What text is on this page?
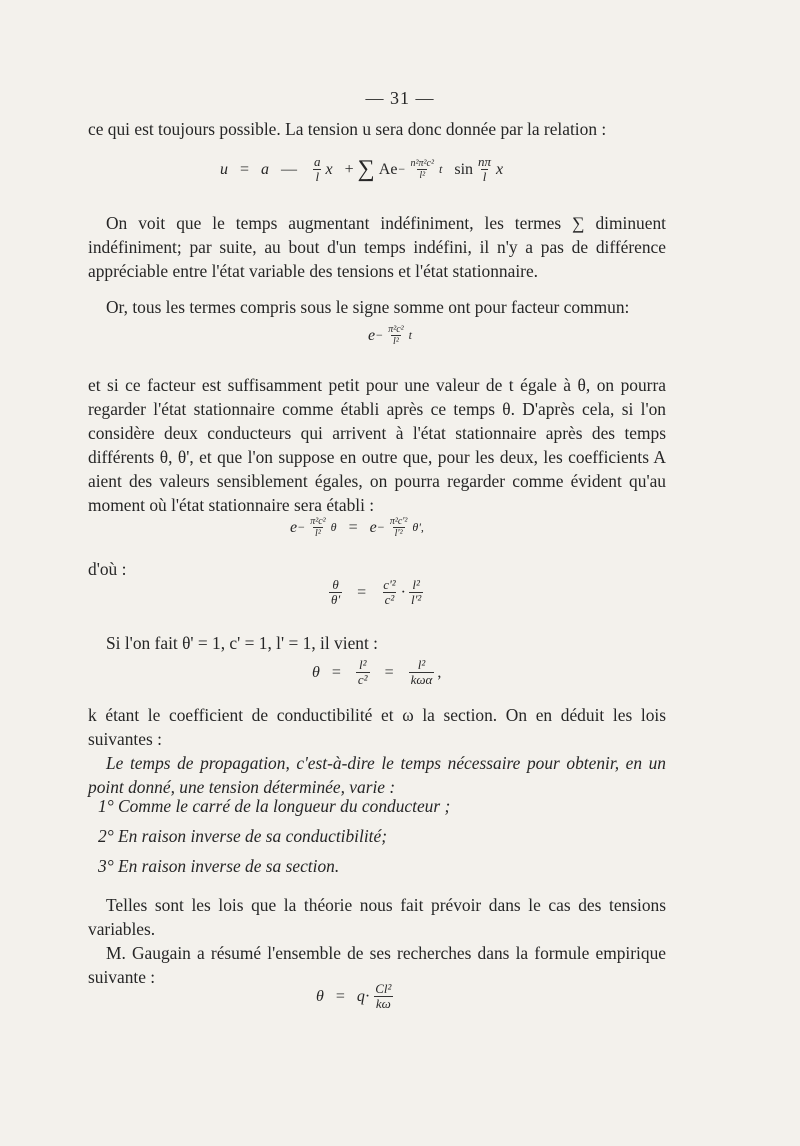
— 31 —

ce qui est toujours possible. La tension u sera donc donnée par la relation :

u = a — $\frac{a}{l}$ x + ∑ $Ae - \frac{\text{n²π²c²}}{\text{l²}}$ t $\sin \frac{n\pi}{l}$ x

On voit que le temps augmentant indéfiniment, les termes ∑ diminuent indéfiniment; par suite, au bout d'un temps indéfini, il n'y a pas de différence appréciable entre l'état variable des tensions et l'état stationnaire.

Or, tous les termes compris sous le signe somme ont pour facteur commun:

$e - \frac{\text{π²c²}}{\text{l²}}$ t

et si ce facteur est suffisamment petit pour une valeur de t égale à θ, on pourra regarder l'état stationnaire comme établi après ce temps θ. D'après cela, si l'on considère deux conducteurs qui arrivent à l'état stationnaire après des temps différents θ, θ', et que l'on suppose en outre que, pour les deux, les coefficients A aient des valeurs sensiblement égales, on pourra regarder comme évident qu'au moment où l'état stationnaire sera établi :

$e - \frac{\text{π²c²}}{\text{l²}}$ $\theta = e - \frac{\text{π²c'²}}{\text{l'²}} \theta'$,

d'où :

$\frac{\theta}{\theta'} = \frac{\text{c'²}}{\text{c²}} \cdot \frac{\text{l²}}{\text{l'²}}$

Si l'on fait θ' = 1, c' = 1, l' = 1, il vient :

$\theta = \frac{\text{l²}}{\text{c²}} = \frac{\text{l²}}{\text{kωα}}$ ,

k étant le coefficient de conductibilité et ω la section. On en déduit les lois suivantes :

Le temps de propagation, c'est-à-dire le temps nécessaire pour obtenir, en un point donné, une tension déterminée, varie :

1° Comme le carré de la longueur du conducteur ;
2° En raison inverse de sa conductibilité;
3° En raison inverse de sa section.

Telles sont les lois que la théorie nous fait prévoir dans le cas des tensions variables.

M. Gaugain a résumé l'ensemble de ses recherches dans la formule empirique suivante :

$\theta = q \cdot \frac{\text{Cl²}}{k\omega}$
